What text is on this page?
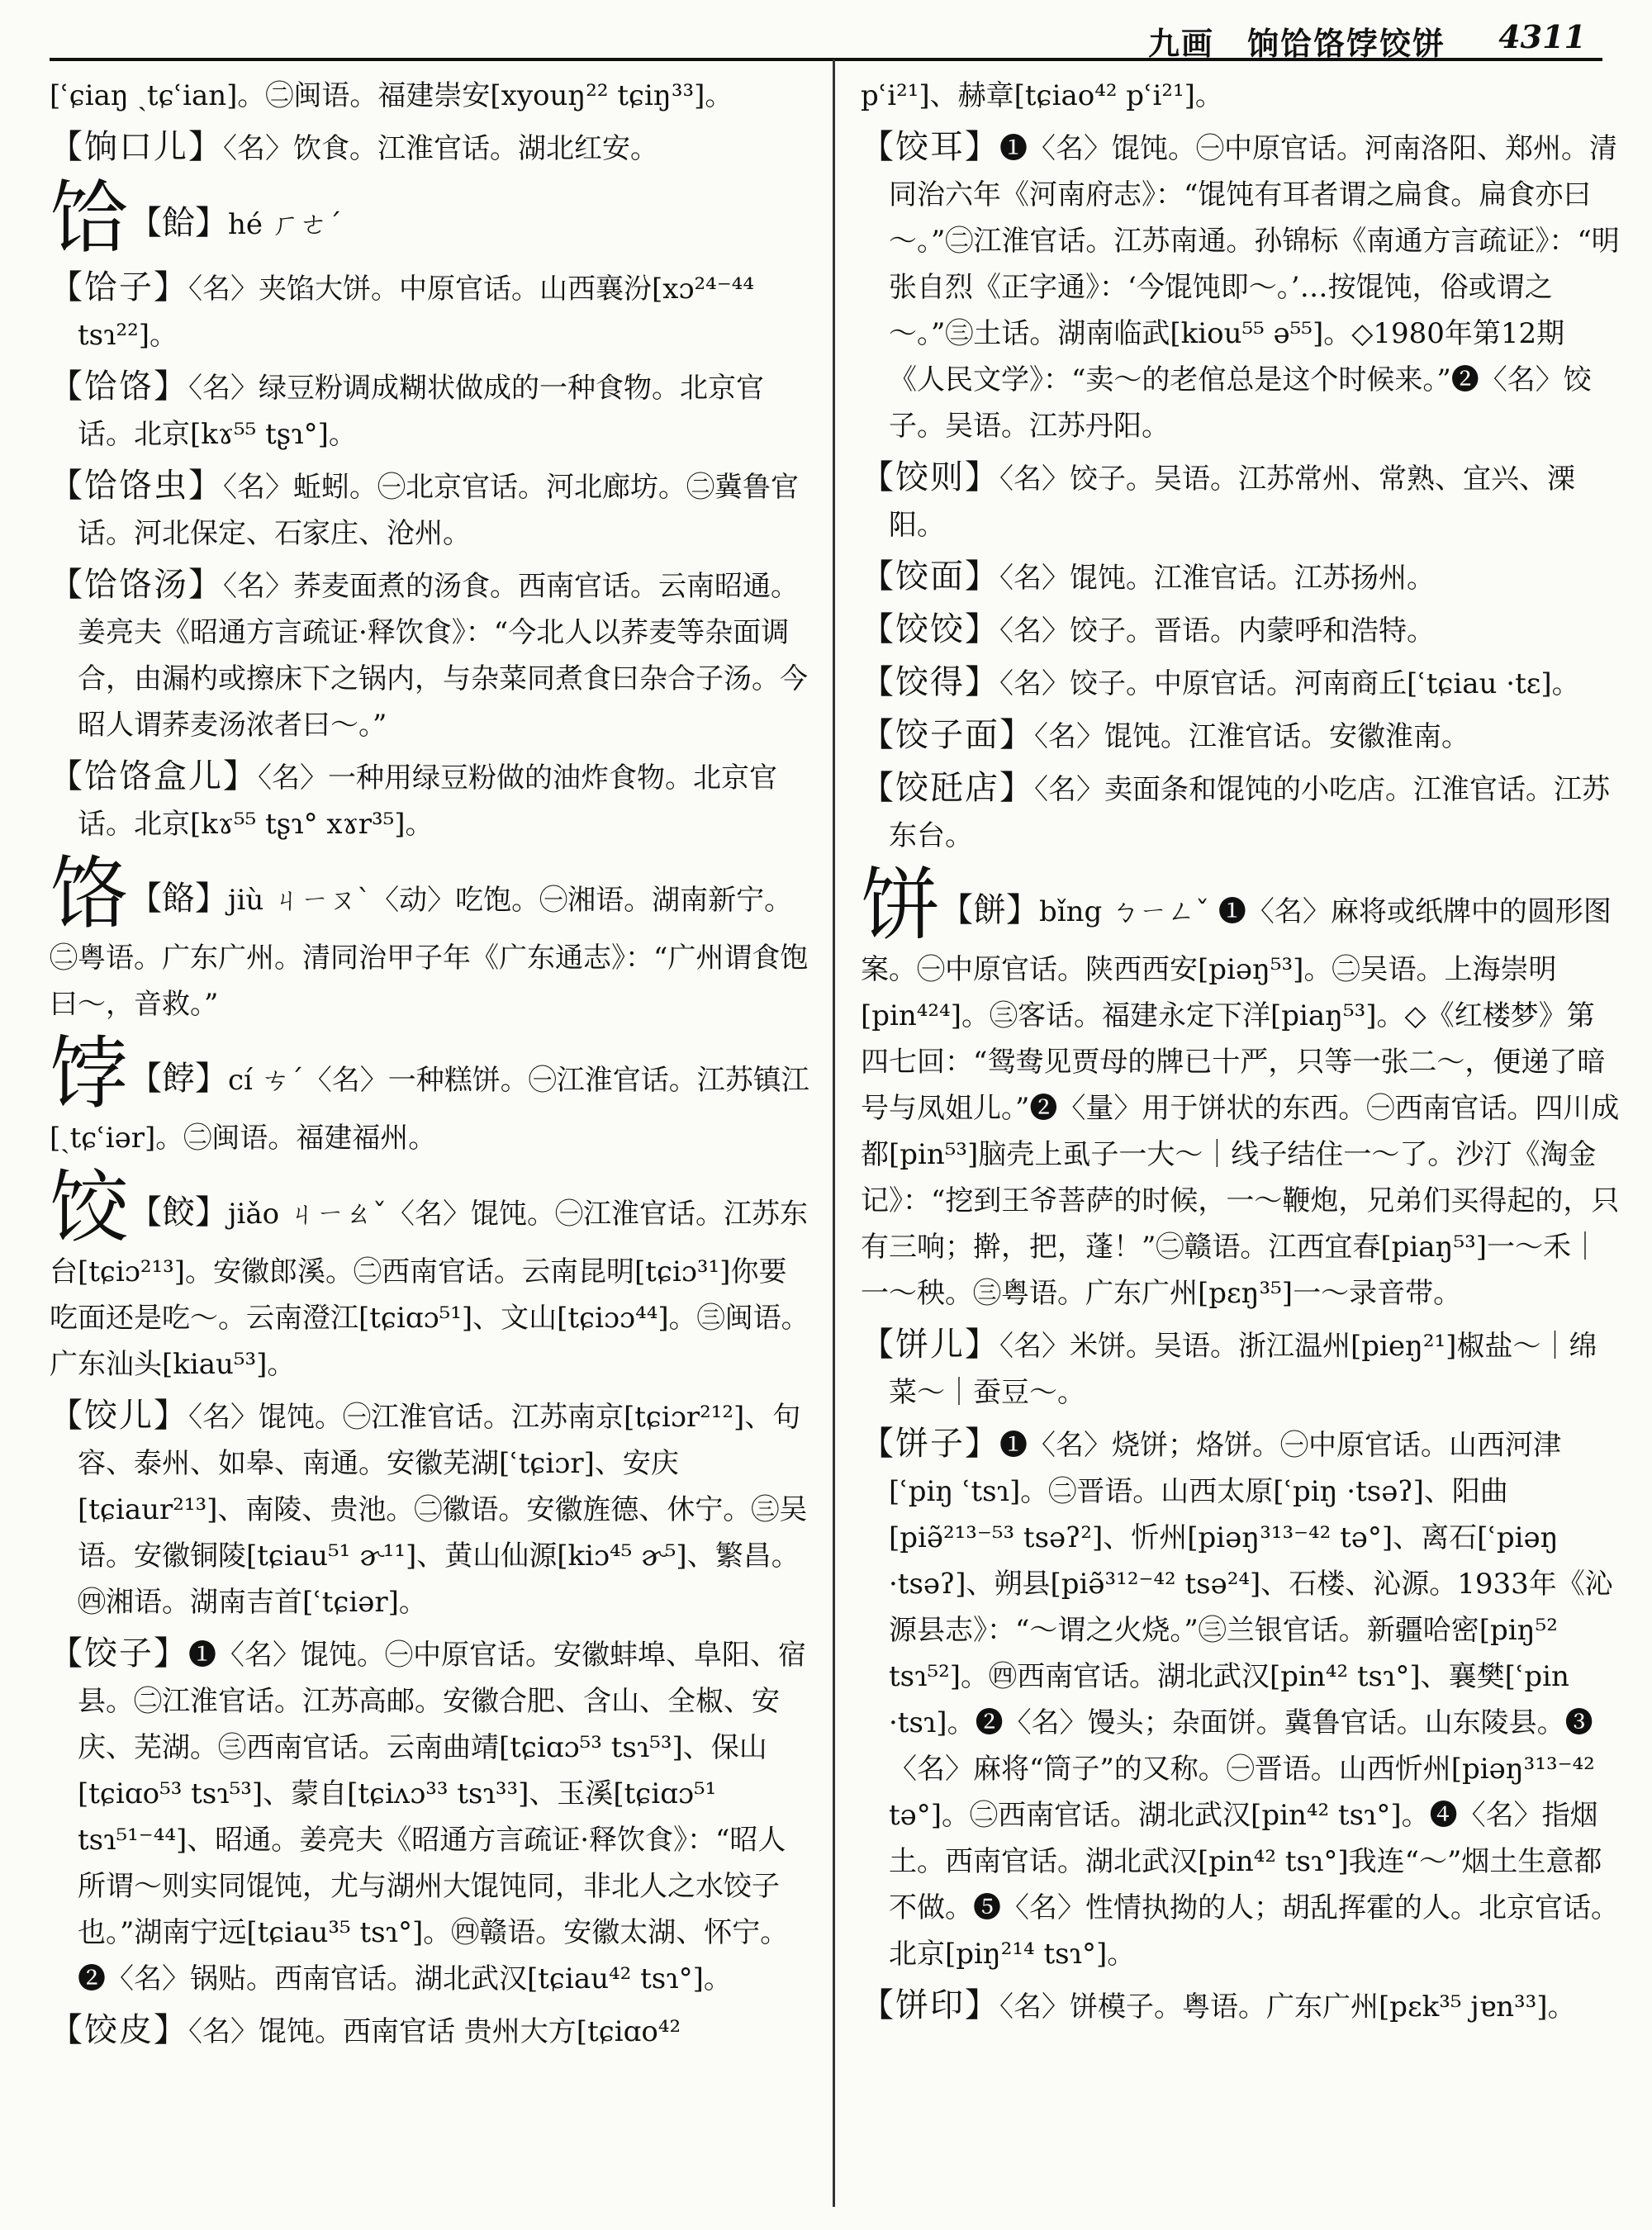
九画　饷饸饹饽饺饼 4311
[ʿɕiaŋ ˏtɕʿian]。㊁闽语。福建崇安[xyouŋ²² tɕiŋ³³]。
【饷口儿】〈名〉饮食。江淮官话。湖北红安。
饸【餄】hé ㄏㄜˊ
【饸子】〈名〉夹馅大饼。中原官话。山西襄汾[xɔ²⁴⁻⁴⁴ tsɿ²²]。
【饸饹】〈名〉绿豆粉调成糊状做成的一种食物。北京官话。北京[kɤ⁵⁵ tʂɿ°]。
【饸饹虫】〈名〉蚯蚓。㊀北京官话。河北廊坊。㊁冀鲁官话。河北保定、石家庄、沧州。
【饸饹汤】〈名〉荞麦面煮的汤食。西南官话。云南昭通。姜亮夫《昭通方言疏证·释饮食》：“今北人以荞麦等杂面调合，由漏杓或擦床下之锅内，与杂菜同煮食曰杂合子汤。今昭人谓荞麦汤浓者曰～。”
【饸饹盒儿】〈名〉一种用绿豆粉做的油炸食物。北京官话。北京[kɤ⁵⁵ tʂɿ° xɤr³⁵]。
饹【餎】jiù ㄐㄧㄡˋ〈动〉吃饱。㊀湘语。湖南新宁。㊁粤语。广东广州。清同治甲子年《广东通志》：“广州谓食饱曰～，音救。”
饽【餑】cí ㄘˊ〈名〉一种糕饼。㊀江淮官话。江苏镇江[ˏtɕʿiər]。㊁闽语。福建福州。
饺【餃】jiǎo ㄐㄧㄠˇ〈名〉馄饨。㊀江淮官话。江苏东台[tɕiɔ²¹³]。安徽郎溪。㊁西南官话。云南昆明[tɕiɔ³¹]你要吃面还是吃～。云南澄江[tɕiɑɔ⁵¹]、文山[tɕiɔɔ⁴⁴]。㊂闽语。广东汕头[kiau⁵³]。
【饺儿】〈名〉馄饨。㊀江淮官话。江苏南京[tɕiɔr²¹²]、句容、泰州、如皋、南通。安徽芜湖[ʿtɕiɔr]、安庆[tɕiaur²¹³]、南陵、贵池。㊁徽语。安徽旌德、休宁。㊂吴语。安徽铜陵[tɕiau⁵¹ ɚ¹¹]、黄山仙源[kiɔ⁴⁵ ɚ⁵]、繁昌。㊃湘语。湖南吉首[ʿtɕiər]。
【饺子】❶〈名〉馄饨。㊀中原官话。安徽蚌埠、阜阳、宿县。㊁江淮官话。江苏高邮。安徽合肥、含山、全椒、安庆、芜湖。㊂西南官话。云南曲靖[tɕiɑɔ⁵³ tsɿ⁵³]、保山[tɕiɑo⁵³ tsɿ⁵³]、蒙自[tɕiʌɔ³³ tsɿ³³]、玉溪[tɕiɑɔ⁵¹ tsɿ⁵¹⁻⁴⁴]、昭通。姜亮夫《昭通方言疏证·释饮食》：“昭人所谓～则实同馄饨，尤与湖州大馄饨同，非北人之水饺子也。”湖南宁远[tɕiau³⁵ tsɿ°]。㊃赣语。安徽太湖、怀宁。❷〈名〉锅贴。西南官话。湖北武汉[tɕiau⁴² tsɿ°]。
【饺皮】〈名〉馄饨。西南官话 贵州大方[tɕiɑo⁴²
pʿi²¹]、赫章[tɕiao⁴² pʿi²¹]。
【饺耳】❶〈名〉馄饨。㊀中原官话。河南洛阳、郑州。清同治六年《河南府志》：“馄饨有耳者谓之扁食。扁食亦曰～。”㊁江淮官话。江苏南通。孙锦标《南通方言疏证》：“明张自烈《正字通》：‘今馄饨即～。’…按馄饨，俗或谓之～。”㊂土话。湖南临武[kiou⁵⁵ ə⁵⁵]。◇1980年第12期《人民文学》：“卖～的老倌总是这个时候来。”❷〈名〉饺子。吴语。江苏丹阳。
【饺则】〈名〉饺子。吴语。江苏常州、常熟、宜兴、溧阳。
【饺面】〈名〉馄饨。江淮官话。江苏扬州。
【饺饺】〈名〉饺子。晋语。内蒙呼和浩特。
【饺得】〈名〉饺子。中原官话。河南商丘[ʿtɕiau ·tɛ]。
【饺子面】〈名〉馄饨。江淮官话。安徽淮南。
【饺瓩店】〈名〉卖面条和馄饨的小吃店。江淮官话。江苏东台。
饼【餅】bǐng ㄅㄧㄥˇ ❶〈名〉麻将或纸牌中的圆形图案。㊀中原官话。陕西西安[piəŋ⁵³]。㊁吴语。上海崇明[pin⁴²⁴]。㊂客话。福建永定下洋[piaŋ⁵³]。◇《红楼梦》第四七回：“鸳鸯见贾母的牌已十严，只等一张二～，便递了暗号与凤姐儿。”❷〈量〉用于饼状的东西。㊀西南官话。四川成都[pin⁵³]脑壳上虱子一大～｜线子结住一～了。沙汀《淘金记》：“挖到王爷菩萨的时候，一～鞭炮，兄弟们买得起的，只有三响；擀，把，蓬！”㊁赣语。江西宜春[piaŋ⁵³]一～禾｜一～秧。㊂粤语。广东广州[pɛŋ³⁵]一～录音带。
【饼儿】〈名〉米饼。吴语。浙江温州[pieŋ²¹]椒盐～｜绵菜～｜蚕豆～。
【饼子】❶〈名〉烧饼；烙饼。㊀中原官话。山西河津[ʿpiŋ ʿtsɿ]。㊁晋语。山西太原[ʿpiŋ ·tsəʔ]、阳曲[piə̃²¹³⁻⁵³ tsəʔ²]、忻州[piəŋ³¹³⁻⁴² tə°]、离石[ʿpiəŋ ·tsəʔ]、朔县[piə̃³¹²⁻⁴² tsə²⁴]、石楼、沁源。1933年《沁源县志》：“～谓之火烧。”㊂兰银官话。新疆哈密[piŋ⁵² tsɿ⁵²]。㊃西南官话。湖北武汉[pin⁴² tsɿ°]、襄樊[ʿpin ·tsɿ]。❷〈名〉馒头；杂面饼。冀鲁官话。山东陵县。❸〈名〉麻将“筒子”的又称。㊀晋语。山西忻州[piəŋ³¹³⁻⁴² tə°]。㊁西南官话。湖北武汉[pin⁴² tsɿ°]。❹〈名〉指烟土。西南官话。湖北武汉[pin⁴² tsɿ°]我连“～”烟土生意都不做。❺〈名〉性情执拗的人；胡乱挥霍的人。北京官话。北京[piŋ²¹⁴ tsɿ°]。
【饼印】〈名〉饼模子。粤语。广东广州[pɛk³⁵ jɐn³³]。
